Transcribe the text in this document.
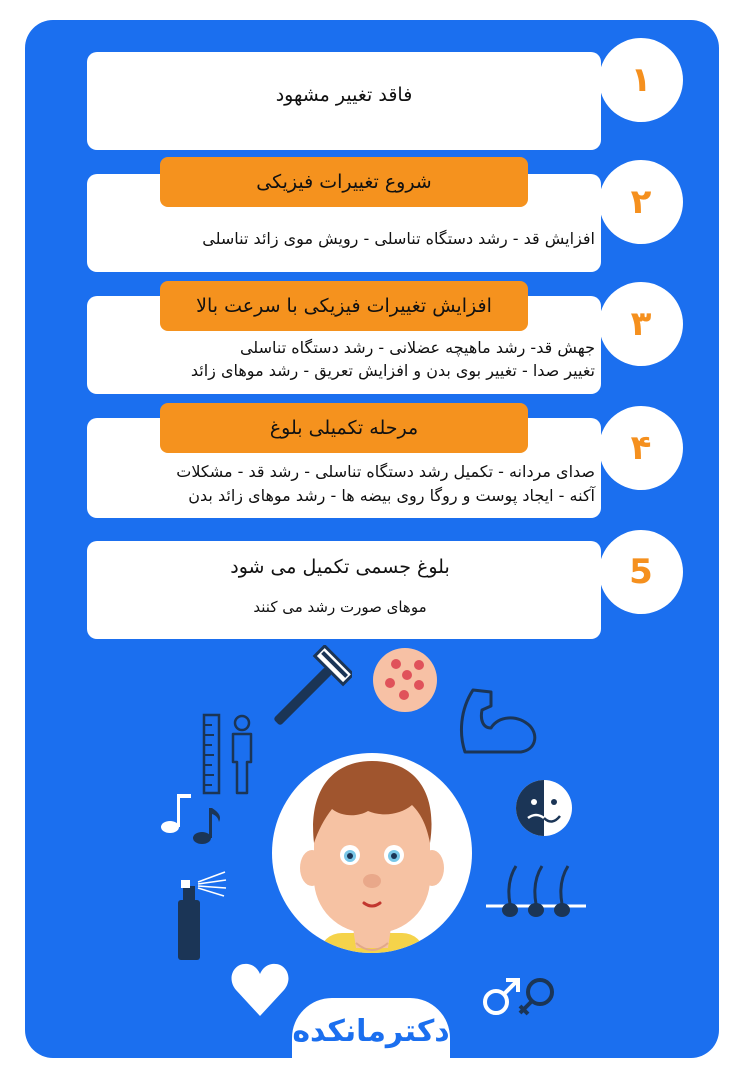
فاقد تغییر مشهود	۱
شروع تغییرات فیزیکی
افزایش قد - رشد دستگاه تناسلی - رویش موی زائد تناسلی
۲
افزایش تغییرات فیزیکی با سرعت بالا
جهش قد- رشد ماهیچه عضلانی - رشد دستگاه تناسلی
تغییر صدا - تغییر بوی بدن و افزایش تعریق - رشد موهای زائد
۳
مرحله تکمیلی بلوغ
صدای مردانه - تکمیل رشد دستگاه تناسلی - رشد قد - مشکلات
آکنه - ایجاد پوست و روگا روی بیضه ها - رشد موهای زائد بدن
۴
بلوغ جسمی تکمیل می شود
موهای صورت رشد می کنند
5
دکترمانکده
